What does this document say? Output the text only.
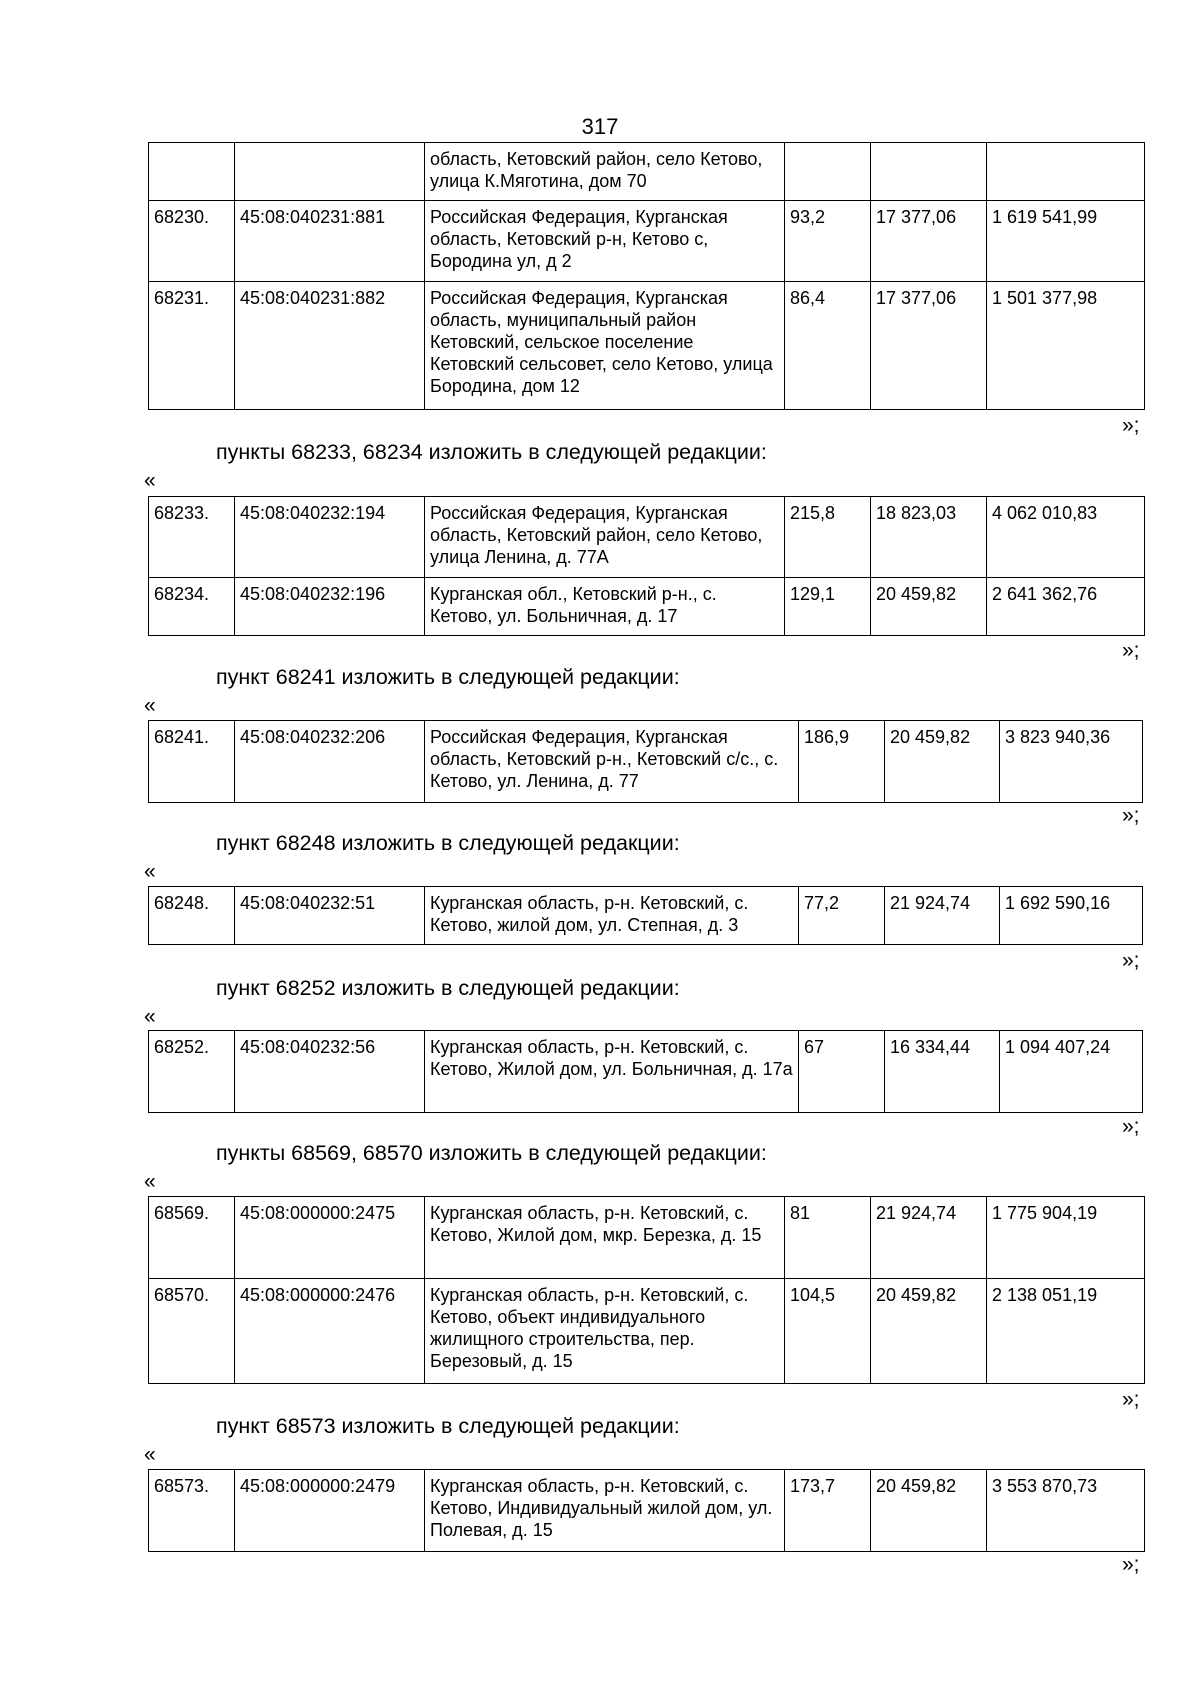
317
		область, Кетовский район, село Кетово, улица К.Мяготина, дом 70			
68230.	45:08:040231:881	Российская Федерация, Курганская область, Кетовский р-н, Кетово с, Бородина ул, д 2	93,2	17 377,06	1 619 541,99
68231.	45:08:040231:882	Российская Федерация, Курганская область, муниципальный район Кетовский, сельское поселение Кетовский сельсовет, село Кетово, улица Бородина, дом 12	86,4	17 377,06	1 501 377,98
»;
пункты 68233, 68234 изложить в следующей редакции:
«
68233.	45:08:040232:194	Российская Федерация, Курганская область, Кетовский район, село Кетово, улица Ленина, д. 77А	215,8	18 823,03	4 062 010,83
68234.	45:08:040232:196	Курганская обл., Кетовский р-н., с. Кетово, ул. Больничная, д. 17	129,1	20 459,82	2 641 362,76
»;
пункт 68241 изложить в следующей редакции:
«
68241.	45:08:040232:206	Российская Федерация, Курганская область, Кетовский р-н., Кетовский с/с., с. Кетово, ул. Ленина, д. 77	186,9	20 459,82	3 823 940,36
»;
пункт 68248 изложить в следующей редакции:
«
68248.	45:08:040232:51	Курганская область, р-н. Кетовский, с. Кетово, жилой дом, ул. Степная, д. 3	77,2	21 924,74	1 692 590,16
»;
пункт 68252 изложить в следующей редакции:
«
68252.	45:08:040232:56	Курганская область, р-н. Кетовский, с. Кетово, Жилой дом, ул. Больничная, д. 17а	67	16 334,44	1 094 407,24
»;
пункты 68569, 68570 изложить в следующей редакции:
«
68569.	45:08:000000:2475	Курганская область, р-н. Кетовский, с. Кетово, Жилой дом, мкр. Березка, д. 15	81	21 924,74	1 775 904,19
68570.	45:08:000000:2476	Курганская область, р-н. Кетовский, с. Кетово, объект индивидуального жилищного строительства, пер. Березовый, д. 15	104,5	20 459,82	2 138 051,19
»;
пункт 68573 изложить в следующей редакции:
«
68573.	45:08:000000:2479	Курганская область, р-н. Кетовский, с. Кетово, Индивидуальный жилой дом, ул. Полевая, д. 15	173,7	20 459,82	3 553 870,73
»;
